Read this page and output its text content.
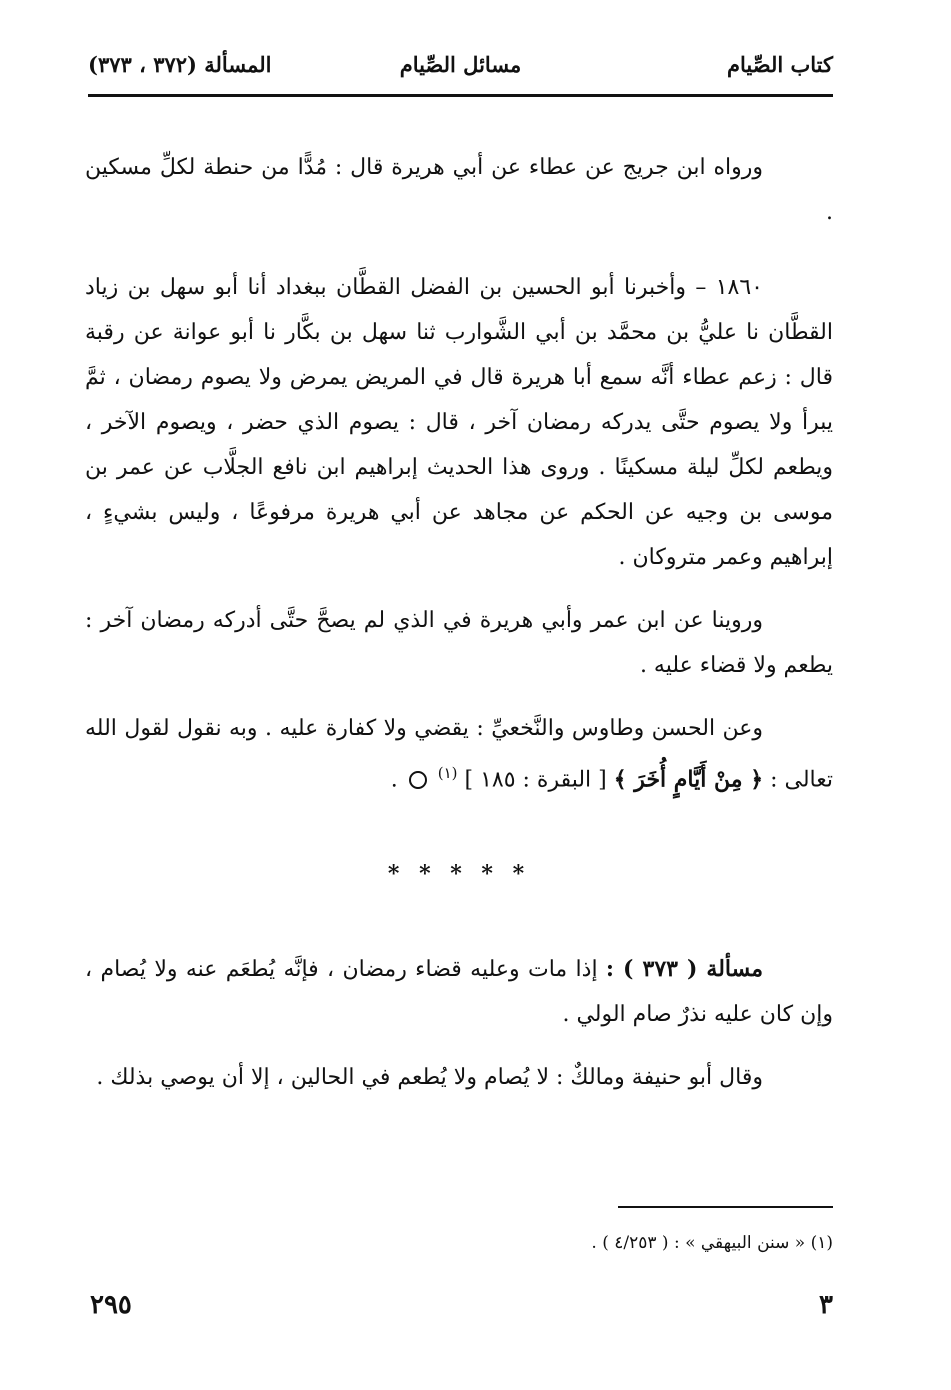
كتاب الصِّيام
مسائل الصِّيام
المسألة (٣٧٢ ، ٣٧٣)

ورواه ابن جريج عن عطاء عن أبي هريرة قال : مُدًّا من حنطة لكلِّ مسكين .

١٨٦٠ – وأخبرنا أبو الحسين بن الفضل القطَّان ببغداد أنا أبو سهل بن زياد القطَّان نا عليُّ بن محمَّد بن أبي الشَّوارب ثنا سهل بن بكَّار نا أبو عوانة عن رقبة قال : زعم عطاء أنَّه سمع أبا هريرة قال في المريض يمرض ولا يصوم رمضان ، ثمَّ يبرأ ولا يصوم حتَّى يدركه رمضان آخر ، قال : يصوم الذي حضر ، ويصوم الآخر ، ويطعم لكلِّ ليلة مسكينًا . وروى هذا الحديث إبراهيم ابن نافع الجلَّاب عن عمر بن موسى بن وجيه عن الحكم عن مجاهد عن أبي هريرة مرفوعًا ، وليس بشيءٍ ، إبراهيم وعمر متروكان .

وروينا عن ابن عمر وأبي هريرة في الذي لم يصحَّ حتَّى أدركه رمضان آخر : يطعم ولا قضاء عليه .

وعن الحسن وطاوس والنَّخعيِّ : يقضي ولا كفارة عليه . وبه نقول لقول الله تعالى : ﴿ مِنْ أَيَّامٍ أُخَرَ ﴾ [ البقرة : ١٨٥ ] $^{(١)}$  .

* * * * *

مسألة ( ٣٧٣ ) : إذا مات وعليه قضاء رمضان ، فإنَّه يُطعَم عنه ولا يُصام ، وإن كان عليه نذرٌ صام الولي .

وقال أبو حنيفة ومالكٌ : لا يُصام ولا يُطعم في الحالين ، إلا أن يوصي بذلك .

(١) « سنن البيهقي » : ( ٤/٢٥٣ ) .
٢٩٥	٣
